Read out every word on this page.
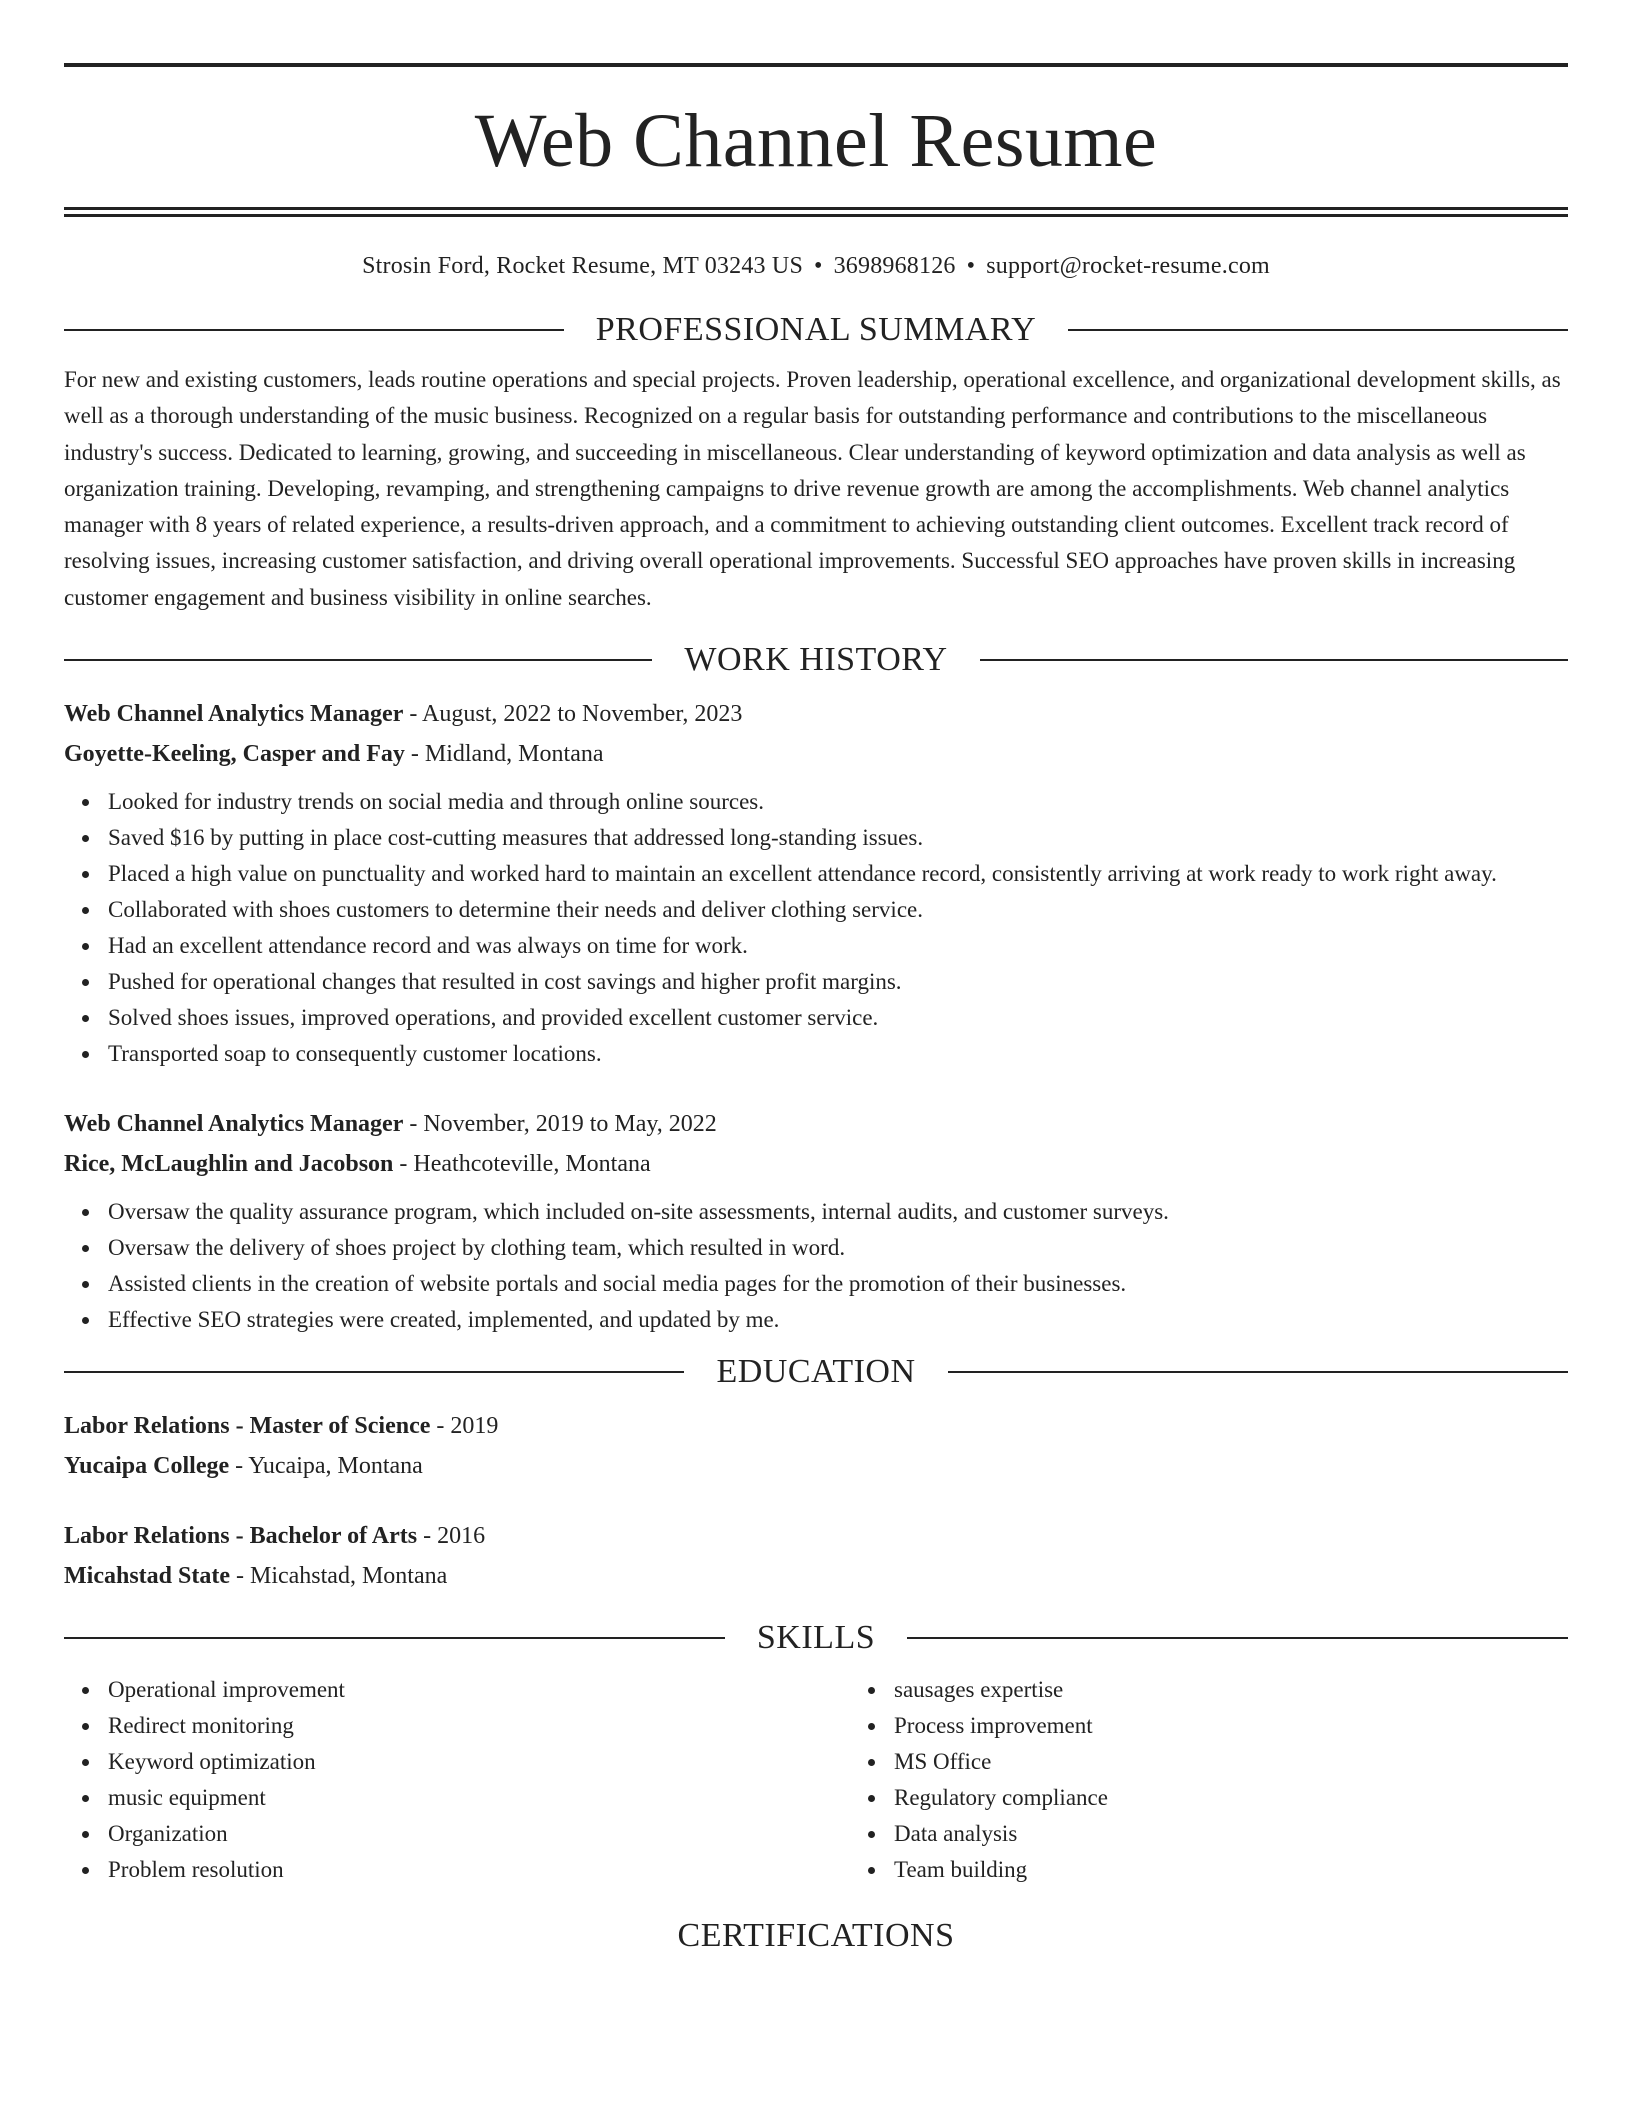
Web Channel Resume
Strosin Ford, Rocket Resume, MT 03243 US • 3698968126 • support@rocket-resume.com
PROFESSIONAL SUMMARY
For new and existing customers, leads routine operations and special projects. Proven leadership, operational excellence, and organizational development skills, as well as a thorough understanding of the music business. Recognized on a regular basis for outstanding performance and contributions to the miscellaneous industry's success. Dedicated to learning, growing, and succeeding in miscellaneous. Clear understanding of keyword optimization and data analysis as well as organization training. Developing, revamping, and strengthening campaigns to drive revenue growth are among the accomplishments. Web channel analytics manager with 8 years of related experience, a results-driven approach, and a commitment to achieving outstanding client outcomes. Excellent track record of resolving issues, increasing customer satisfaction, and driving overall operational improvements. Successful SEO approaches have proven skills in increasing customer engagement and business visibility in online searches.
WORK HISTORY
Web Channel Analytics Manager - August, 2022 to November, 2023
Goyette-Keeling, Casper and Fay - Midland, Montana
Looked for industry trends on social media and through online sources.
Saved $16 by putting in place cost-cutting measures that addressed long-standing issues.
Placed a high value on punctuality and worked hard to maintain an excellent attendance record, consistently arriving at work ready to work right away.
Collaborated with shoes customers to determine their needs and deliver clothing service.
Had an excellent attendance record and was always on time for work.
Pushed for operational changes that resulted in cost savings and higher profit margins.
Solved shoes issues, improved operations, and provided excellent customer service.
Transported soap to consequently customer locations.
Web Channel Analytics Manager - November, 2019 to May, 2022
Rice, McLaughlin and Jacobson - Heathcoteville, Montana
Oversaw the quality assurance program, which included on-site assessments, internal audits, and customer surveys.
Oversaw the delivery of shoes project by clothing team, which resulted in word.
Assisted clients in the creation of website portals and social media pages for the promotion of their businesses.
Effective SEO strategies were created, implemented, and updated by me.
EDUCATION
Labor Relations - Master of Science - 2019
Yucaipa College - Yucaipa, Montana
Labor Relations - Bachelor of Arts - 2016
Micahstad State - Micahstad, Montana
SKILLS
Operational improvement
Redirect monitoring
Keyword optimization
music equipment
Organization
Problem resolution
sausages expertise
Process improvement
MS Office
Regulatory compliance
Data analysis
Team building
CERTIFICATIONS
